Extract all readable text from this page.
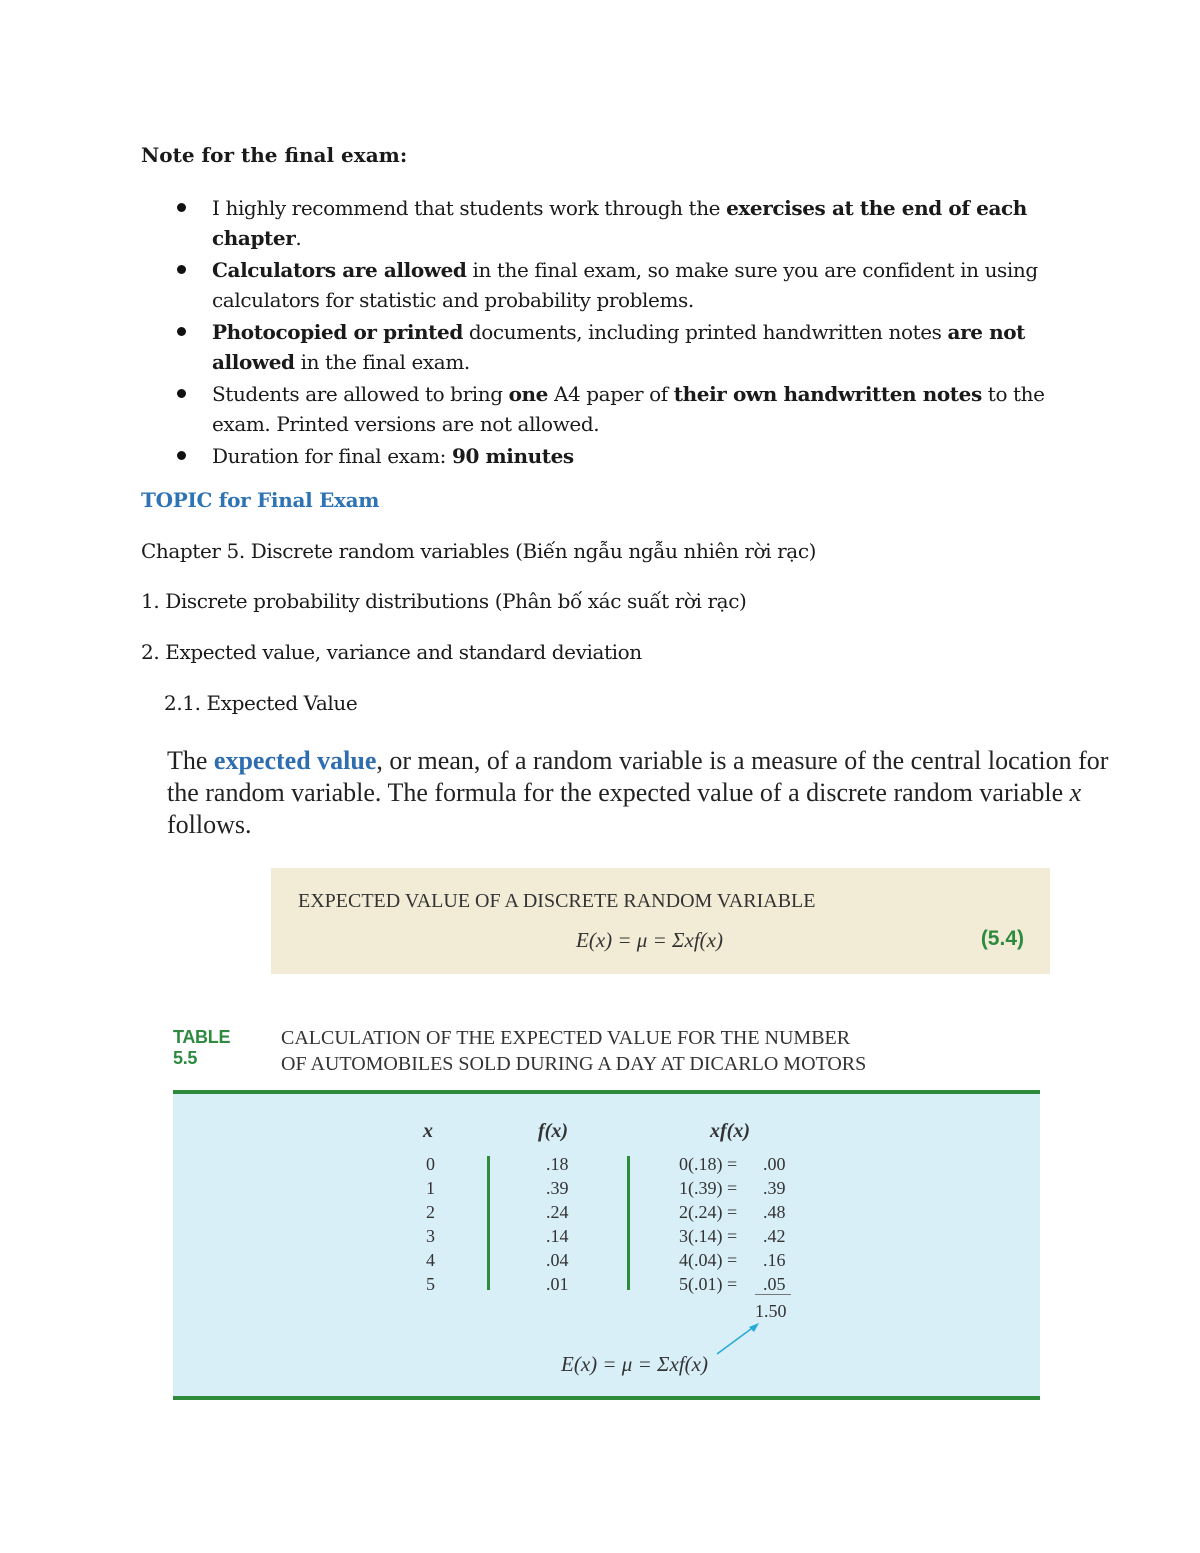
Note for the final exam:

I highly recommend that students work through the exercises at the end of each chapter.
Calculators are allowed in the final exam, so make sure you are confident in using calculators for statistic and probability problems.
Photocopied or printed documents, including printed handwritten notes are not allowed in the final exam.
Students are allowed to bring one A4 paper of their own handwritten notes to the exam. Printed versions are not allowed.
Duration for final exam: 90 minutes

TOPIC for Final Exam

Chapter 5. Discrete random variables (Biến ngẫu ngẫu nhiên rời rạc)

1. Discrete probability distributions (Phân bố xác suất rời rạc)

2. Expected value, variance and standard deviation

2.1. Expected Value

The expected value, or mean, of a random variable is a measure of the central location for the random variable. The formula for the expected value of a discrete random variable x follows.

EXPECTED VALUE OF A DISCRETE RANDOM VARIABLE

E(x) = μ = Σxf(x)	(5.4)
TABLE 5.5
CALCULATION OF THE EXPECTED VALUE FOR THE NUMBER
OF AUTOMOBILES SOLD DURING A DAY AT DICARLO MOTORS
x	f(x)	xf(x)
0	.18	0(.18) = .00
1	.39	1(.39) = .39
2	.24	2(.24) = .48
3	.14	3(.14) = .42
4	.04	4(.04) = .16
5	.01	5(.01) = .05
1.50
E(x) = μ = Σxf(x)
